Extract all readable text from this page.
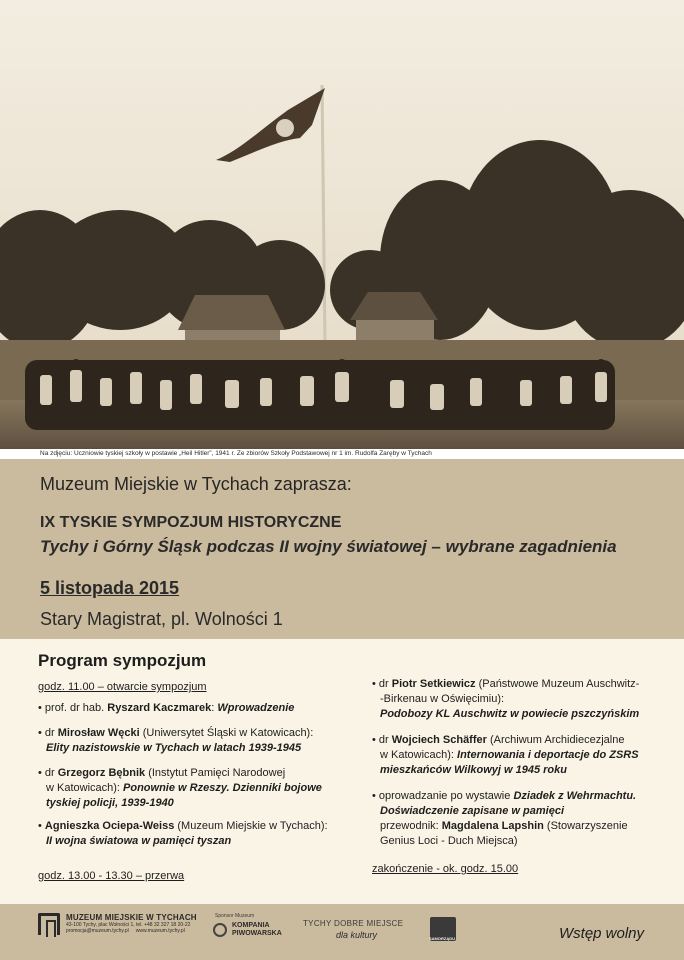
Na zdjęciu: Uczniowie tyskiej szkoły w postawie „Heil Hitler”, 1941 r. Ze zbiorów Szkoły Podstawowej nr 1 im. Rudolfa Zaręby w Tychach
Muzeum Miejskie w Tychach zaprasza:
IX TYSKIE SYMPOZJUM HISTORYCZNE
Tychy i Górny Śląsk podczas II wojny światowej – wybrane zagadnienia
5 listopada 2015
Stary Magistrat, pl. Wolności 1
Program sympozjum
godz. 11.00 – otwarcie sympozjum
• prof. dr hab. Ryszard Kaczmarek: Wprowadzenie
• dr Mirosław Węcki (Uniwersytet Śląski w Katowicach):
Elity nazistowskie w Tychach w latach 1939-1945
• dr Grzegorz Bębnik (Instytut Pamięci Narodowej
w Katowicach): Ponownie w Rzeszy. Dzienniki bojowe
tyskiej policji, 1939-1940
• Agnieszka Ociepa-Weiss (Muzeum Miejskie w Tychach):
II wojna światowa w pamięci tyszan
godz. 13.00 - 13.30 – przerwa
• dr Piotr Setkiewicz (Państwowe Muzeum Auschwitz-
-Birkenau w Oświęcimiu):
Podobozy KL Auschwitz w powiecie pszczyńskim
• dr Wojciech Schäffer (Archiwum Archidiecezjalne
w Katowicach): Internowania i deportacje do ZSRS
mieszkańców Wilkowyj w 1945 roku
• oprowadzanie po wystawie Dziadek z Wehrmachtu.
Doświadczenie zapisane w pamięci
przewodnik: Magdalena Lapshin (Stowarzyszenie
Genius Loci - Duch Miejsca)
zakończenie - ok. godz. 15.00
MUZEUM MIEJSKIE W TYCHACH
43-100 Tychy, plac Wolności 1, tel. +48 32 327 18 20-22
promocja@muzeum.tychy.pl     www.muzeum.tychy.pl
Sponsor Muzeum
KOMPANIA
PIWOWARSKA
TYCHY DOBRE MIEJSCE
dla kultury	SAMORZĄDU	Wstęp wolny
